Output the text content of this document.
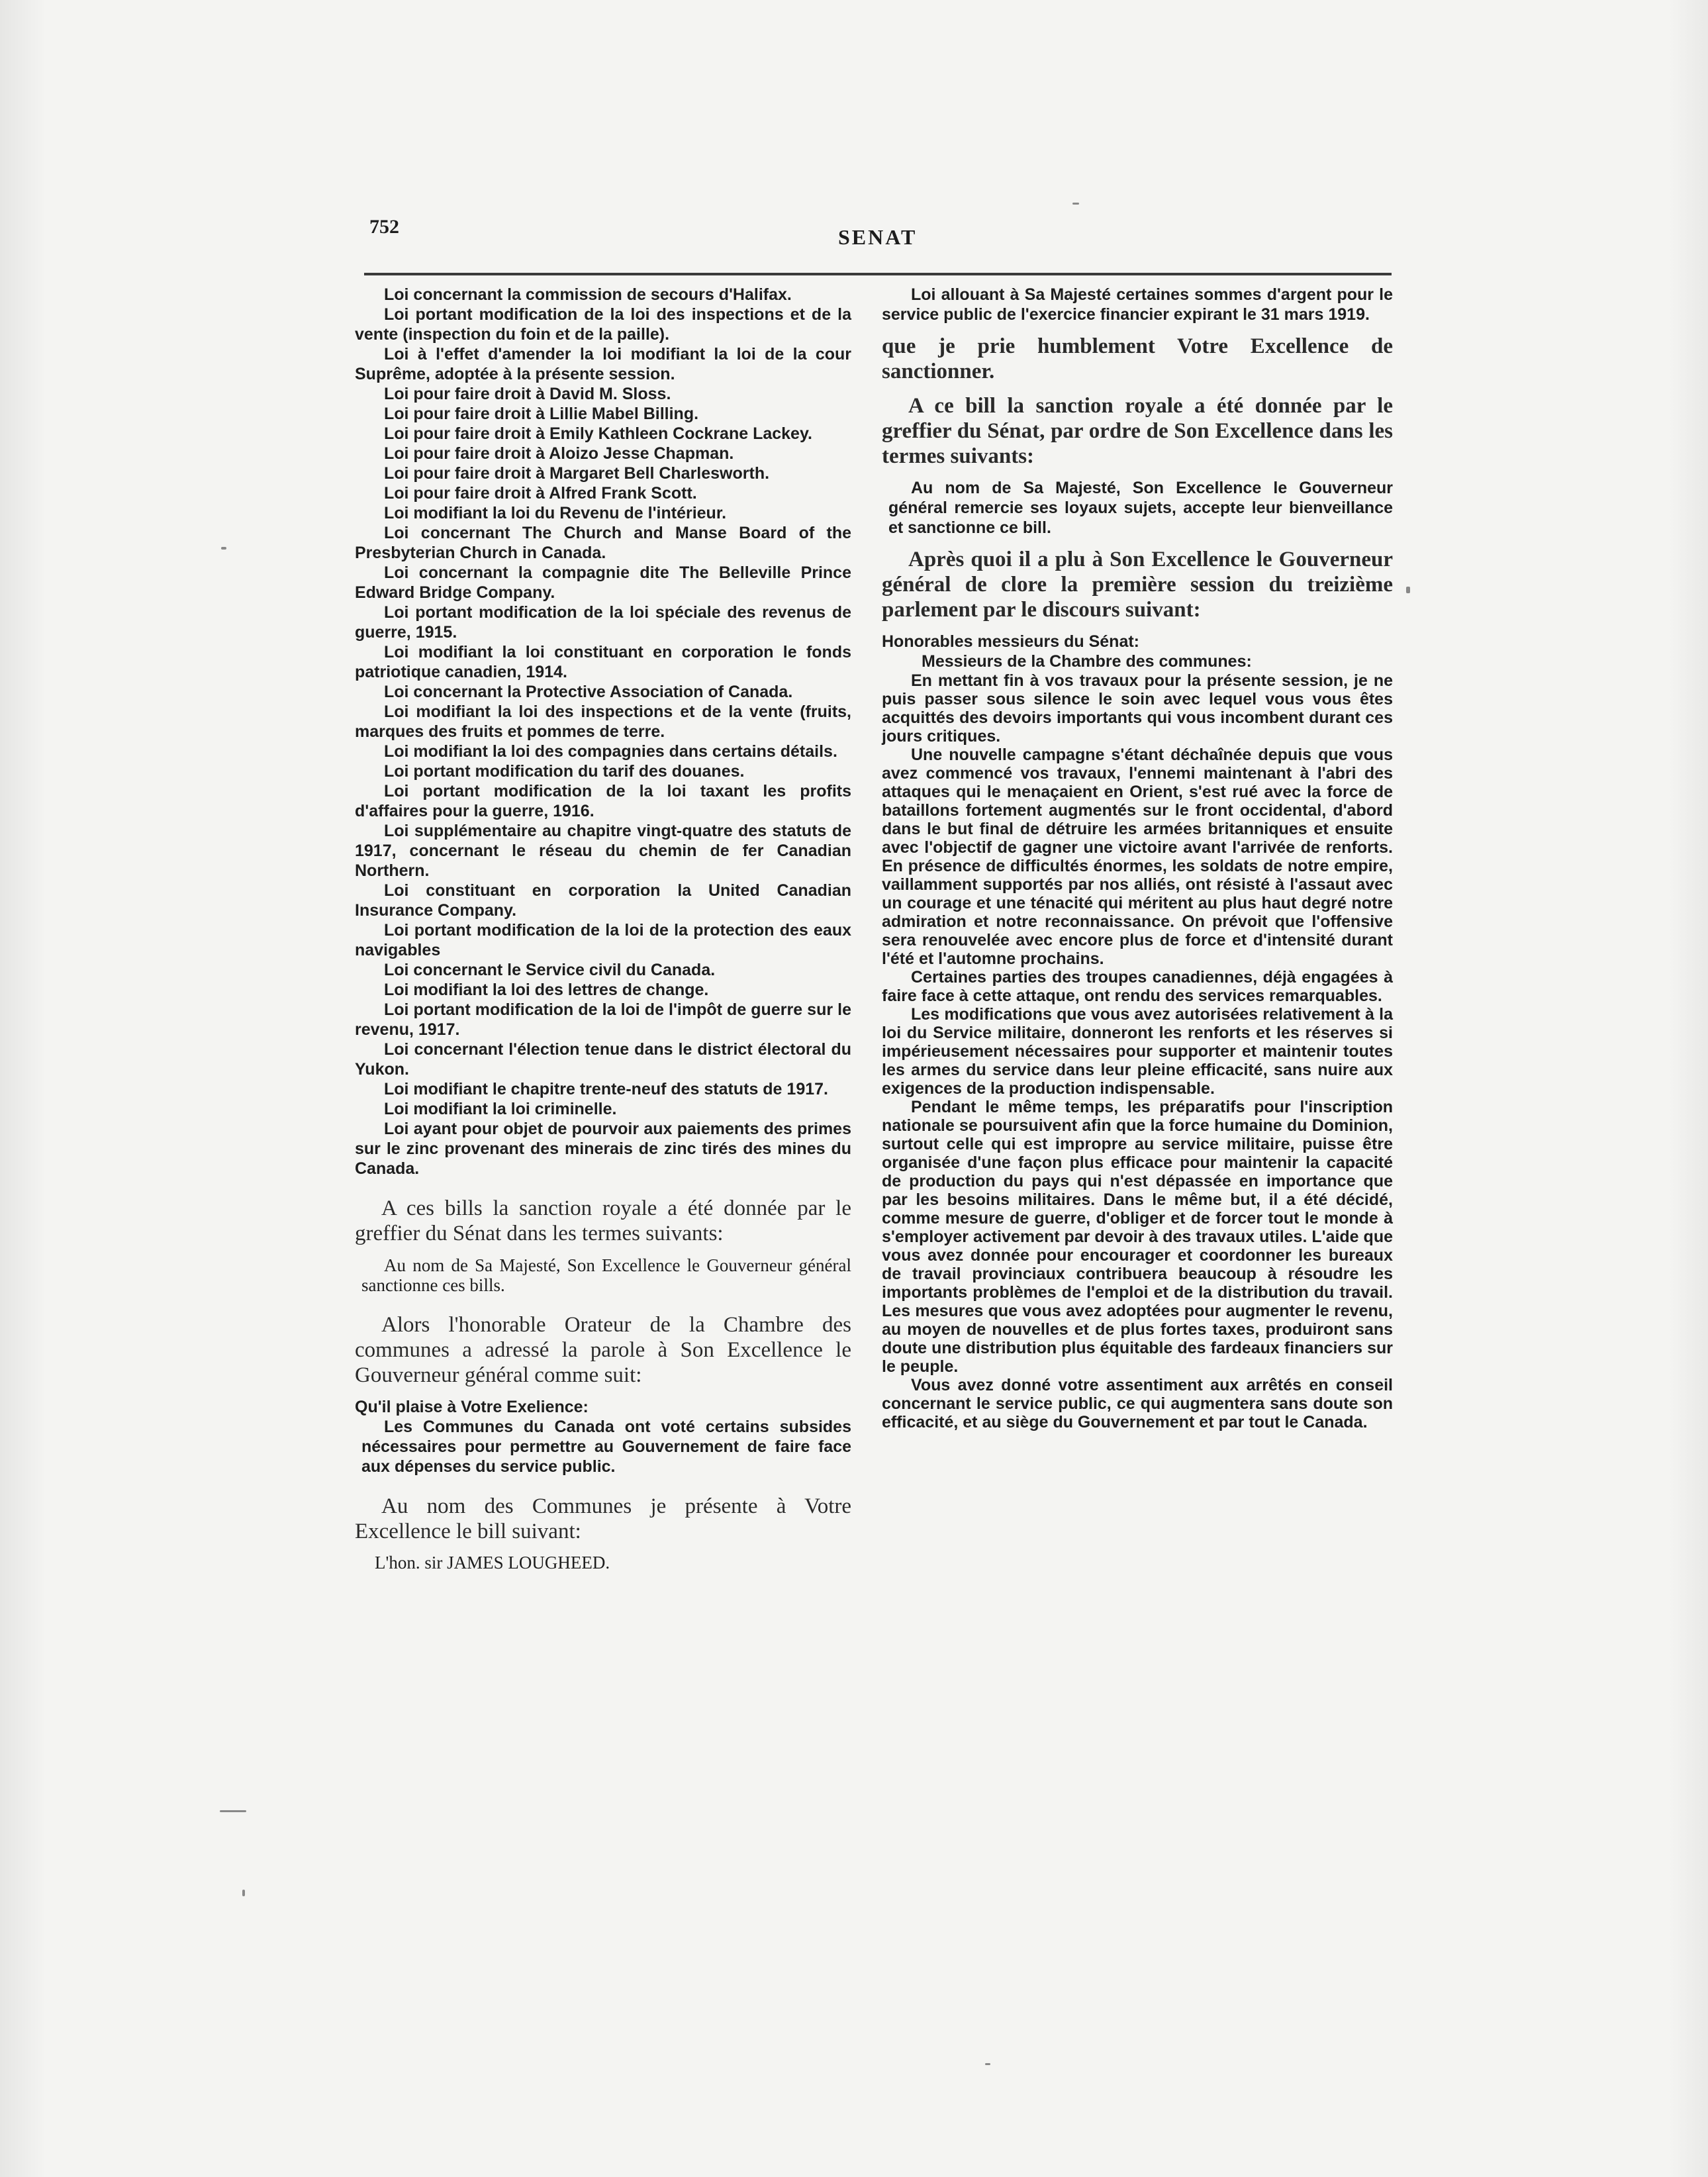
752	SENAT

Loi concernant la commission de secours d'Halifax.

Loi portant modification de la loi des inspections et de la vente (inspection du foin et de la paille).

Loi à l'effet d'amender la loi modifiant la loi de la cour Suprême, adoptée à la présente session.

Loi pour faire droit à David M. Sloss.

Loi pour faire droit à Lillie Mabel Billing.

Loi pour faire droit à Emily Kathleen Cockrane Lackey.

Loi pour faire droit à Aloizo Jesse Chapman.

Loi pour faire droit à Margaret Bell Charlesworth.

Loi pour faire droit à Alfred Frank Scott.

Loi modifiant la loi du Revenu de l'intérieur.

Loi concernant The Church and Manse Board of the Presbyterian Church in Canada.

Loi concernant la compagnie dite The Belleville Prince Edward Bridge Company.

Loi portant modification de la loi spéciale des revenus de guerre, 1915.

Loi modifiant la loi constituant en corporation le fonds patriotique canadien, 1914.

Loi concernant la Protective Association of Canada.

Loi modifiant la loi des inspections et de la vente (fruits, marques des fruits et pommes de terre.

Loi modifiant la loi des compagnies dans certains détails.

Loi portant modification du tarif des douanes.

Loi portant modification de la loi taxant les profits d'affaires pour la guerre, 1916.

Loi supplémentaire au chapitre vingt-quatre des statuts de 1917, concernant le réseau du chemin de fer Canadian Northern.

Loi constituant en corporation la United Canadian Insurance Company.

Loi portant modification de la loi de la protection des eaux navigables

Loi concernant le Service civil du Canada.

Loi modifiant la loi des lettres de change.

Loi portant modification de la loi de l'impôt de guerre sur le revenu, 1917.

Loi concernant l'élection tenue dans le district électoral du Yukon.

Loi modifiant le chapitre trente-neuf des statuts de 1917.

Loi modifiant la loi criminelle.

Loi ayant pour objet de pourvoir aux paiements des primes sur le zinc provenant des minerais de zinc tirés des mines du Canada.

A ces bills la sanction royale a été donnée par le greffier du Sénat dans les termes suivants:

Au nom de Sa Majesté, Son Excellence le Gouverneur général sanctionne ces bills.

Alors l'honorable Orateur de la Chambre des communes a adressé la parole à Son Excellence le Gouverneur général comme suit:

Qu'il plaise à Votre Exelience:

Les Communes du Canada ont voté certains subsides nécessaires pour permettre au Gouvernement de faire face aux dépenses du service public.

Au nom des Communes je présente à Votre Excellence le bill suivant:

L'hon. sir JAMES LOUGHEED.

Loi allouant à Sa Majesté certaines sommes d'argent pour le service public de l'exercice financier expirant le 31 mars 1919.

que je prie humblement Votre Excellence de sanctionner.

A ce bill la sanction royale a été donnée par le greffier du Sénat, par ordre de Son Excellence dans les termes suivants:

Au nom de Sa Majesté, Son Excellence le Gouverneur général remercie ses loyaux sujets, accepte leur bienveillance et sanctionne ce bill.

Après quoi il a plu à Son Excellence le Gouverneur général de clore la première session du treizième parlement par le discours suivant:

Honorables messieurs du Sénat:

Messieurs de la Chambre des communes:

En mettant fin à vos travaux pour la présente session, je ne puis passer sous silence le soin avec lequel vous vous êtes acquittés des devoirs importants qui vous incombent durant ces jours critiques.

Une nouvelle campagne s'étant déchaînée depuis que vous avez commencé vos travaux, l'ennemi maintenant à l'abri des attaques qui le menaçaient en Orient, s'est rué avec la force de bataillons fortement augmentés sur le front occidental, d'abord dans le but final de détruire les armées britanniques et ensuite avec l'objectif de gagner une victoire avant l'arrivée de renforts. En présence de difficultés énormes, les soldats de notre empire, vaillamment supportés par nos alliés, ont résisté à l'assaut avec un courage et une ténacité qui méritent au plus haut degré notre admiration et notre reconnaissance. On prévoit que l'offensive sera renouvelée avec encore plus de force et d'intensité durant l'été et l'automne prochains.

Certaines parties des troupes canadiennes, déjà engagées à faire face à cette attaque, ont rendu des services remarquables.

Les modifications que vous avez autorisées relativement à la loi du Service militaire, donneront les renforts et les réserves si impérieusement nécessaires pour supporter et maintenir toutes les armes du service dans leur pleine efficacité, sans nuire aux exigences de la production indispensable.

Pendant le même temps, les préparatifs pour l'inscription nationale se poursuivent afin que la force humaine du Dominion, surtout celle qui est impropre au service militaire, puisse être organisée d'une façon plus efficace pour maintenir la capacité de production du pays qui n'est dépassée en importance que par les besoins militaires. Dans le même but, il a été décidé, comme mesure de guerre, d'obliger et de forcer tout le monde à s'employer activement par devoir à des travaux utiles. L'aide que vous avez donnée pour encourager et coordonner les bureaux de travail provinciaux contribuera beaucoup à résoudre les importants problèmes de l'emploi et de la distribution du travail. Les mesures que vous avez adoptées pour augmenter le revenu, au moyen de nouvelles et de plus fortes taxes, produiront sans doute une distribution plus équitable des fardeaux financiers sur le peuple.

Vous avez donné votre assentiment aux arrêtés en conseil concernant le service public, ce qui augmentera sans doute son efficacité, et au siège du Gouvernement et par tout le Canada.
